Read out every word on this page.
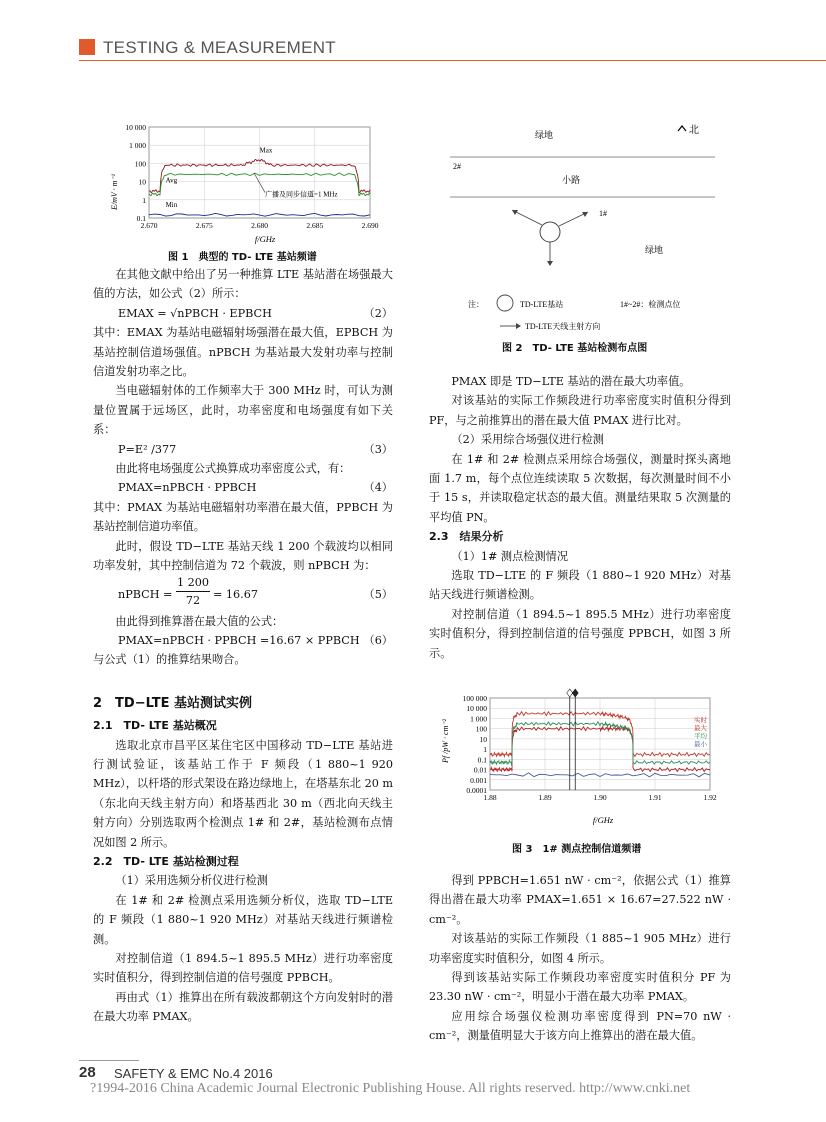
TESTING & MEASUREMENT
E/mV · m⁻¹
f/GHz
0.1
1
10
100
1 000
10 000
2.670	2.675	2.680	2.685	2.690
Max
Avg
Min
广播及同步信道=1 MHz
图 1　典型的 TD- LTE 基站频谱
绿地	北
2#
小路
1#
绿地
注：	TD-LTE基站	1#~2#：检测点位
TD-LTE天线主射方向
图 2　TD- LTE 基站检测布点图

在其他文献中给出了另一种推算 LTE 基站潜在场强最大值的方法，如公式（2）所示：

EMAX = √nPBCH · EPBCH	（2）

其中：EMAX 为基站电磁辐射场强潜在最大值，EPBCH 为基站控制信道场强值。nPBCH 为基站最大发射功率与控制信道发射功率之比。

当电磁辐射体的工作频率大于 300 MHz 时，可认为测量位置属于远场区，此时，功率密度和电场强度有如下关系：

P=E² /377	（3）

由此将电场强度公式换算成功率密度公式，有：

PMAX=nPBCH · PPBCH	（4）

其中：PMAX 为基站电磁辐射功率潜在最大值，PPBCH 为基站控制信道功率值。

此时，假设 TD−LTE 基站天线 1 200 个载波均以相同功率发射，其中控制信道为 72 个载波，则 nPBCH 为：

nPBCH =
1 200
72	= 16.67	（5）

由此得到推算潜在最大值的公式：

PMAX=nPBCH · PPBCH =16.67 × PPBCH （6）

与公式（1）的推算结果吻合。

2　TD−LTE 基站测试实例
2.1　TD- LTE 基站概况

选取北京市昌平区某住宅区中国移动 TD−LTE 基站进行测试验证，该基站工作于 F 频段（1 880~1 920 MHz），以杆塔的形式架设在路边绿地上，在塔基东北 20 m（东北向天线主射方向）和塔基西北 30 m（西北向天线主射方向）分别选取两个检测点 1# 和 2#，基站检测布点情况如图 2 所示。

2.2　TD- LTE 基站检测过程

（1）采用选频分析仪进行检测

在 1# 和 2# 检测点采用选频分析仪，选取 TD−LTE 的 F 频段（1 880~1 920 MHz）对基站天线进行频谱检测。

对控制信道（1 894.5~1 895.5 MHz）进行功率密度实时值积分，得到控制信道的信号强度 PPBCH。

再由式（1）推算出在所有载波都朝这个方向发射时的潜在最大功率 PMAX。

PMAX 即是 TD−LTE 基站的潜在最大功率值。

对该基站的实际工作频段进行功率密度实时值积分得到 PF，与之前推算出的潜在最大值 PMAX 进行比对。

（2）采用综合场强仪进行检测

在 1# 和 2# 检测点采用综合场强仪，测量时探头离地面 1.7 m，每个点位连续读取 5 次数据，每次测量时间不小于 15 s，并读取稳定状态的最大值。测量结果取 5 次测量的平均值 PN。

2.3　结果分析

（1）1# 测点检测情况

选取 TD−LTE 的 F 频段（1 880~1 920 MHz）对基站天线进行频谱检测。

对控制信道（1 894.5~1 895.5 MHz）进行功率密度实时值积分，得到控制信道的信号强度 PPBCH，如图 3 所示。

Pf /pW · cm⁻²
f/GHz
0.0001
0.001
0.01
0.1
1
10
100
1 000
10 000
100 000
1.88	1.89	1.90	1.91	1.92
实时
最大
平均
最小
图 3　1# 测点控制信道频谱

得到 PPBCH=1.651 nW · cm⁻²，依据公式（1）推算得出潜在最大功率 PMAX=1.651 × 16.67=27.522 nW · cm⁻²。

对该基站的实际工作频段（1 885~1 905 MHz）进行功率密度实时值积分，如图 4 所示。

得到该基站实际工作频段功率密度实时值积分 PF 为 23.30 nW · cm⁻²，明显小于潜在最大功率 PMAX。

应用综合场强仪检测功率密度得到 PN=70 nW · cm⁻²，测量值明显大于该方向上推算出的潜在最大值。

28 SAFETY & EMC No.4 2016
?1994-2016 China Academic Journal Electronic Publishing House. All rights reserved. http://www.cnki.net
